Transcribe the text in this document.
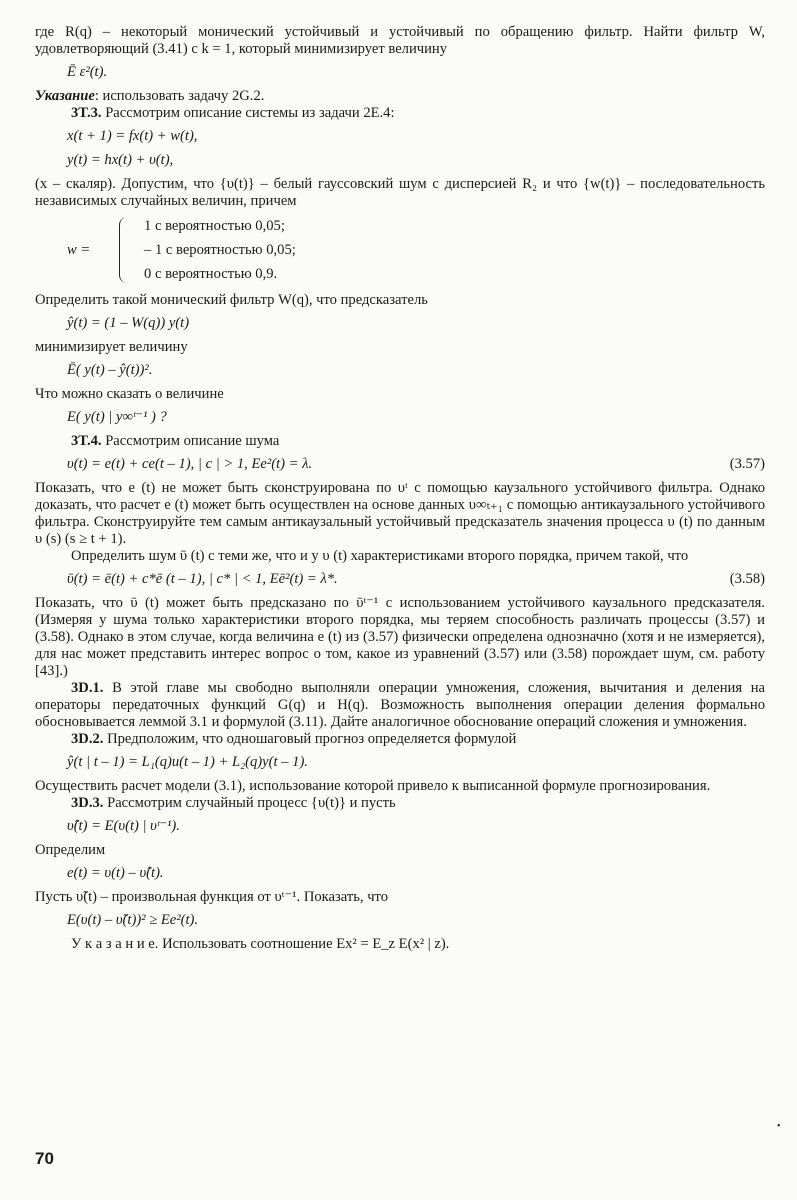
где R(q) – некоторый монический устойчивый и устойчивый по обращению фильтр. Найти фильтр W, удовлетворяющий (3.41) с k = 1, который минимизирует величину

Ē ε²(t).

Указание: использовать задачу 2G.2.

3T.3. Рассмотрим описание системы из задачи 2E.4:

x(t + 1) = fx(t) + w(t),
y(t) = hx(t) + υ(t),

(x – скаляр). Допустим, что {υ(t)} – белый гауссовский шум с дисперсией R₂ и что {w(t)} – последовательность независимых случайных величин, причем

w =
1 с вероятностью 0,05;
– 1 с вероятностью 0,05;
0 с вероятностью 0,9.

Определить такой монический фильтр W(q), что предсказатель

ŷ(t) = (1 – W(q)) y(t)

минимизирует величину

Ē( y(t) – ŷ(t))².

Что можно сказать о величине

E( y(t) | y∞ᵗ⁻¹ ) ?

3T.4. Рассмотрим описание шума

υ(t) = e(t) + ce(t – 1), | c | > 1, Ee²(t) = λ.	(3.57)

Показать, что e (t) не может быть сконструирована по υᵗ с помощью каузального устойчивого фильтра. Однако доказать, что расчет e (t) может быть осуществлен на основе данных υ∞ₜ₊₁ с помощью антикаузального устойчивого фильтра. Сконструируйте тем самым антикаузальный устойчивый предсказатель значения процесса υ (t) по данным υ (s) (s ≥ t + 1).

Определить шум ῡ (t) с теми же, что и у υ (t) характеристиками второго порядка, причем такой, что

ῡ(t) = ē(t) + c*ē (t – 1), | c* | < 1, Eē²(t) = λ*.	(3.58)

Показать, что ῡ (t) может быть предсказано по ῡᵗ⁻¹ с использованием устойчивого каузального предсказателя. (Измеряя у шума только характеристики второго порядка, мы теряем способность различать процессы (3.57) и (3.58). Однако в этом случае, когда величина e (t) из (3.57) физически определена однозначно (хотя и не измеряется), для нас может представить интерес вопрос о том, какое из уравнений (3.57) или (3.58) порождает шум, см. работу [43].)

3D.1. В этой главе мы свободно выполняли операции умножения, сложения, вычитания и деления на операторы передаточных функций G(q) и H(q). Возможность выполнения операции деления формально обосновывается леммой 3.1 и формулой (3.11). Дайте аналогичное обоснование операций сложения и умножения.

3D.2. Предположим, что одношаговый прогноз определяется формулой

ŷ(t | t – 1) = L₁(q)u(t – 1) + L₂(q)y(t – 1).

Осуществить расчет модели (3.1), использование которой привело к выписанной формуле прогнозирования.

3D.3. Рассмотрим случайный процесс {υ(t)} и пусть

υ̂(t) = E(υ(t) | υᵗ⁻¹).

Определим

e(t) = υ(t) – υ̂(t).

Пусть υ̃(t) – произвольная функция от υᵗ⁻¹. Показать, что

E(υ(t) – υ̃(t))² ≥ Ee²(t).

У к а з а н и е. Использовать соотношение Ex² = E_z E(x² | z).

70
•
